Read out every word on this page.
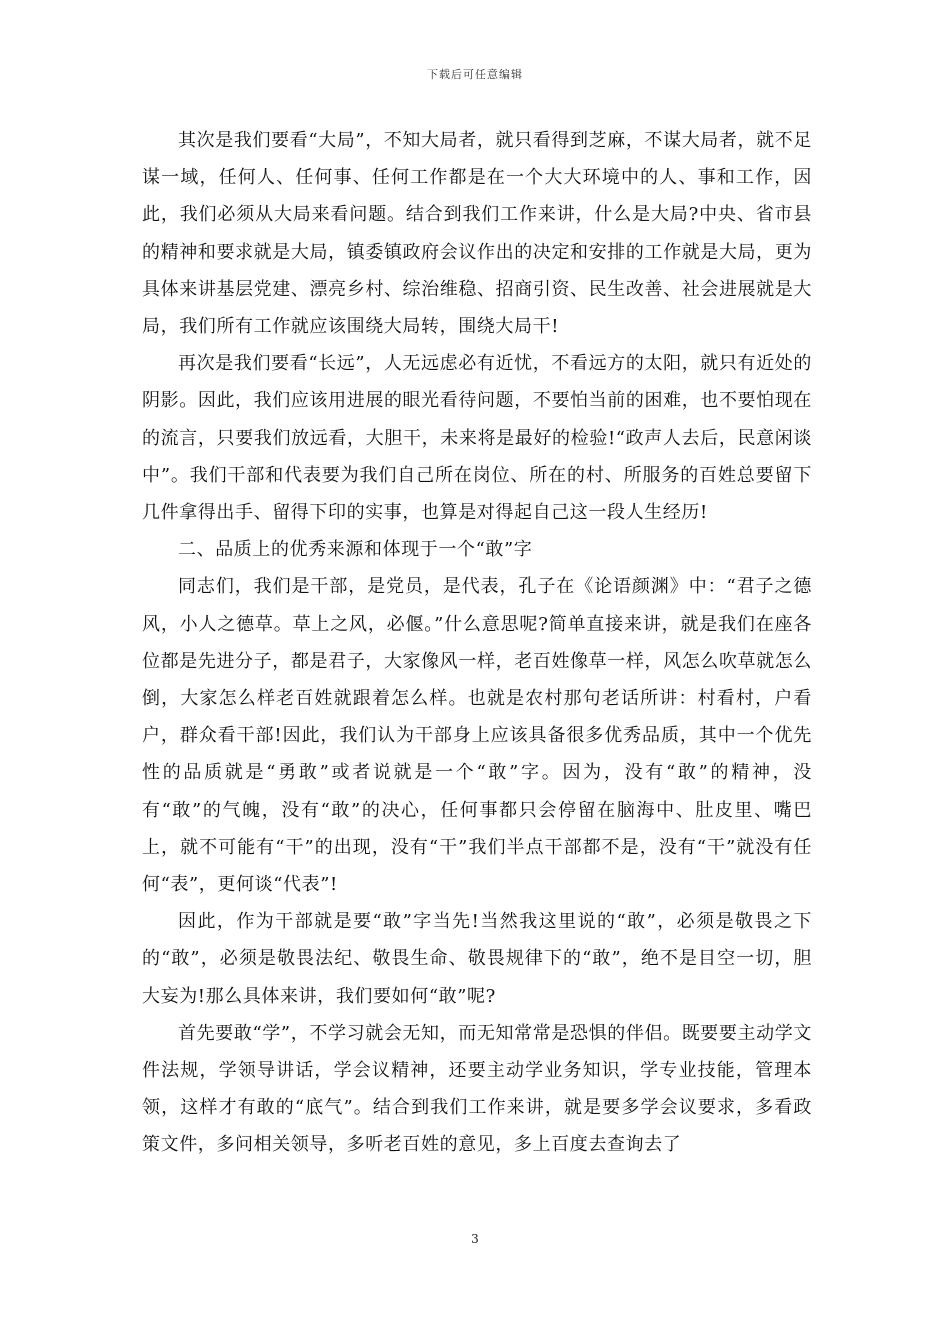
下载后可任意编辑

其次是我们要看“大局”，不知大局者，就只看得到芝麻，不谋大局者，就不足谋一域，任何人、任何事、任何工作都是在一个大大环境中的人、事和工作，因此，我们必须从大局来看问题。结合到我们工作来讲，什么是大局?中央、省市县的精神和要求就是大局，镇委镇政府会议作出的决定和安排的工作就是大局，更为具体来讲基层党建、漂亮乡村、综治维稳、招商引资、民生改善、社会进展就是大局，我们所有工作就应该围绕大局转，围绕大局干!

再次是我们要看“长远”，人无远虑必有近忧，不看远方的太阳，就只有近处的阴影。因此，我们应该用进展的眼光看待问题，不要怕当前的困难，也不要怕现在的流言，只要我们放远看，大胆干，未来将是最好的检验!“政声人去后，民意闲谈中”。我们干部和代表要为我们自己所在岗位、所在的村、所服务的百姓总要留下几件拿得出手、留得下印的实事，也算是对得起自己这一段人生经历!

二、品质上的优秀来源和体现于一个“敢”字

同志们，我们是干部，是党员，是代表，孔子在《论语颜渊》中：“君子之德风，小人之德草。草上之风，必偃。”什么意思呢?简单直接来讲，就是我们在座各位都是先进分子，都是君子，大家像风一样，老百姓像草一样，风怎么吹草就怎么倒，大家怎么样老百姓就跟着怎么样。也就是农村那句老话所讲：村看村，户看户，群众看干部!因此，我们认为干部身上应该具备很多优秀品质，其中一个优先性的品质就是“勇敢”或者说就是一个“敢”字。因为，没有“敢”的精神，没有“敢”的气魄，没有“敢”的决心，任何事都只会停留在脑海中、肚皮里、嘴巴上，就不可能有“干”的出现，没有“干”我们半点干部都不是，没有“干”就没有任何“表”，更何谈“代表”!

因此，作为干部就是要“敢”字当先!当然我这里说的“敢”，必须是敬畏之下的“敢”，必须是敬畏法纪、敬畏生命、敬畏规律下的“敢”，绝不是目空一切，胆大妄为!那么具体来讲，我们要如何“敢”呢?

首先要敢“学”，不学习就会无知，而无知常常是恐惧的伴侣。既要要主动学文件法规，学领导讲话，学会议精神，还要主动学业务知识，学专业技能，管理本领，这样才有敢的“底气”。结合到我们工作来讲，就是要多学会议要求，多看政策文件，多问相关领导，多听老百姓的意见，多上百度去查询去了

3
